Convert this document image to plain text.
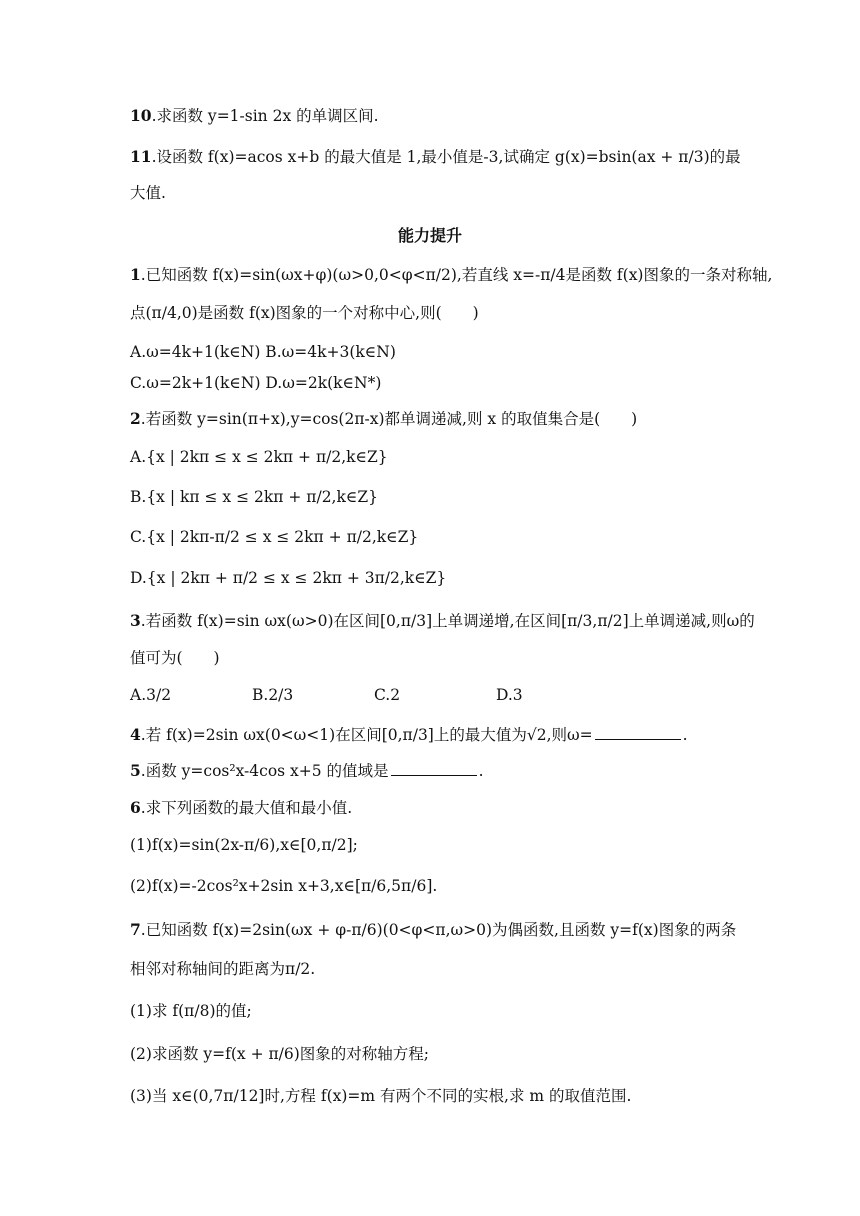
10.求函数 y=1-sin 2x 的单调区间.
11.设函数 f(x)=acos x+b 的最大值是 1,最小值是-3,试确定 g(x)=bsin(ax + π/3)的最
大值.
能力提升
1.已知函数 f(x)=sin(ωx+φ)(ω>0,0<φ<π/2),若直线 x=-π/4是函数 f(x)图象的一条对称轴,
点(π/4,0)是函数 f(x)图象的一个对称中心,则(　　)
A.ω=4k+1(k∈N) B.ω=4k+3(k∈N)
C.ω=2k+1(k∈N) D.ω=2k(k∈N*)
2.若函数 y=sin(π+x),y=cos(2π-x)都单调递减,则 x 的取值集合是(　　)
A.{x | 2kπ ≤ x ≤ 2kπ + π/2,k∈Z}
B.{x | kπ ≤ x ≤ 2kπ + π/2,k∈Z}
C.{x | 2kπ-π/2 ≤ x ≤ 2kπ + π/2,k∈Z}
D.{x | 2kπ + π/2 ≤ x ≤ 2kπ + 3π/2,k∈Z}
3.若函数 f(x)=sin ωx(ω>0)在区间[0,π/3]上单调递增,在区间[π/3,π/2]上单调递减,则ω的
值可为(　　)
A.3/2	B.2/3	C.2	D.3
4.若 f(x)=2sin ωx(0<ω<1)在区间[0,π/3]上的最大值为√2,则ω=	.
5.函数 y=cos²x-4cos x+5 的值域是	.
6.求下列函数的最大值和最小值.
(1)f(x)=sin(2x-π/6),x∈[0,π/2];
(2)f(x)=-2cos²x+2sin x+3,x∈[π/6,5π/6].
7.已知函数 f(x)=2sin(ωx + φ-π/6)(0<φ<π,ω>0)为偶函数,且函数 y=f(x)图象的两条
相邻对称轴间的距离为π/2.
(1)求 f(π/8)的值;
(2)求函数 y=f(x + π/6)图象的对称轴方程;
(3)当 x∈(0,7π/12]时,方程 f(x)=m 有两个不同的实根,求 m 的取值范围.
